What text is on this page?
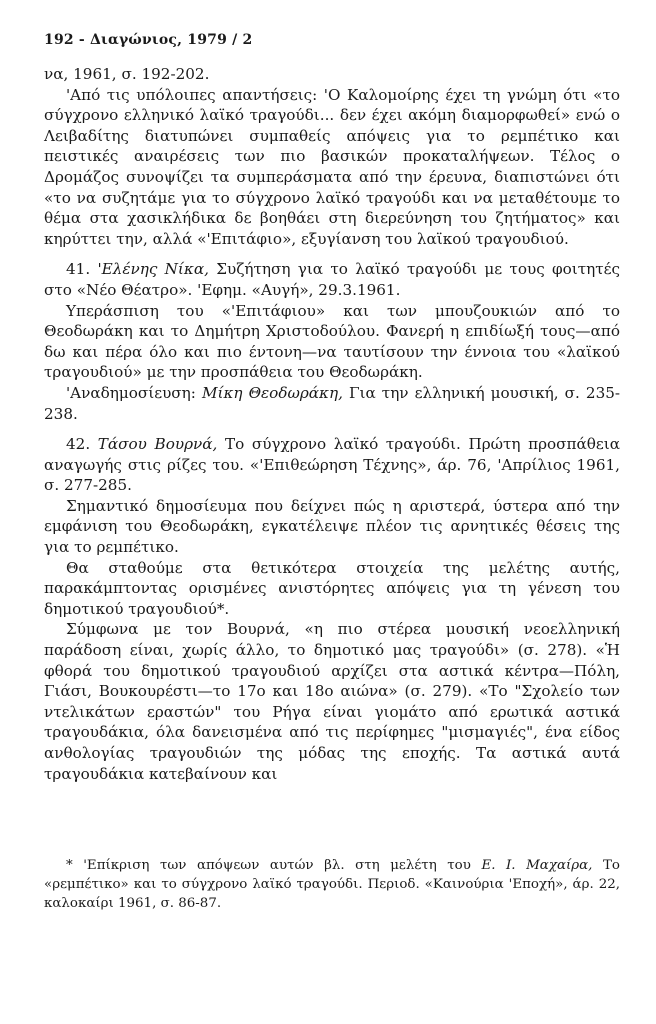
192 - Διαγώνιος, 1979 / 2

να, 1961, σ. 192-202.

'Από τις υπόλοιπες απαντήσεις: 'Ο Καλομοίρης έχει τη γνώμη ότι «το σύγχρονο ελληνικό λαϊκό τραγούδι... δεν έχει ακόμη διαμορφωθεί» ενώ ο Λειβαδίτης διατυπώνει συμπαθείς απόψεις για το ρεμπέτικο και πειστικές αναιρέσεις των πιο βασικών προκαταλήψεων. Τέλος ο Δρομάζος συνοψίζει τα συμπεράσματα από την έρευνα, διαπιστώνει ότι «το να συζητάμε για το σύγχρονο λαϊκό τραγούδι και να μεταθέτουμε το θέμα στα χασικλήδικα δε βοηθάει στη διερεύνηση του ζητήματος» και κηρύττει την, αλλά «'Επιτάφιο», εξυγίανση του λαϊκού τραγουδιού.

41. 'Ελένης Νίκα, Συζήτηση για το λαϊκό τραγούδι με τους φοιτητές στο «Νέο Θέατρο». 'Εφημ. «Αυγή», 29.3.1961.

Υπεράσπιση του «'Επιτάφιου» και των μπουζουκιών από το Θεοδωράκη και το Δημήτρη Χριστοδούλου. Φανερή η επιδίωξή τους—από δω και πέρα όλο και πιο έντονη—να ταυτίσουν την έννοια του «λαϊκού τραγουδιού» με την προσπάθεια του Θεοδωράκη.

'Αναδημοσίευση: Μίκη Θεοδωράκη, Για την ελληνική μουσική, σ. 235-238.

42. Τάσου Βουρνά, Το σύγχρονο λαϊκό τραγούδι. Πρώτη προσπάθεια αναγωγής στις ρίζες του. «'Επιθεώρηση Τέχνης», άρ. 76, 'Απρίλιος 1961, σ. 277-285.

Σημαντικό δημοσίευμα που δείχνει πώς η αριστερά, ύστερα από την εμφάνιση του Θεοδωράκη, εγκατέλειψε πλέον τις αρνητικές θέσεις της για το ρεμπέτικο.

Θα σταθούμε στα θετικότερα στοιχεία της μελέτης αυτής, παρακάμπτοντας ορισμένες ανιστόρητες απόψεις για τη γένεση του δημοτικού τραγουδιού*.

Σύμφωνα με τον Βουρνά, «η πιο στέρεα μουσική νεοελληνική παράδοση είναι, χωρίς άλλο, το δημοτικό μας τραγούδι» (σ. 278). «Ἡ φθορά του δημοτικού τραγουδιού αρχίζει στα αστικά κέντρα—Πόλη, Γιάσι, Βουκουρέστι—το 17ο και 18ο αιώνα» (σ. 279). «Το "Σχολείο των ντελικάτων εραστών" του Ρήγα είναι γιομάτο από ερωτικά αστικά τραγουδάκια, όλα δανεισμένα από τις περίφημες "μισμαγιές", ένα είδος ανθολογίας τραγουδιών της μόδας της εποχής. Τα αστικά αυτά τραγουδάκια κατεβαίνουν και

* 'Επίκριση των απόψεων αυτών βλ. στη μελέτη του Ε. Ι. Μαχαίρα, Το «ρεμπέτικο» και το σύγχρονο λαϊκό τραγούδι. Περιοδ. «Καινούρια 'Εποχή», άρ. 22, καλοκαίρι 1961, σ. 86-87.
